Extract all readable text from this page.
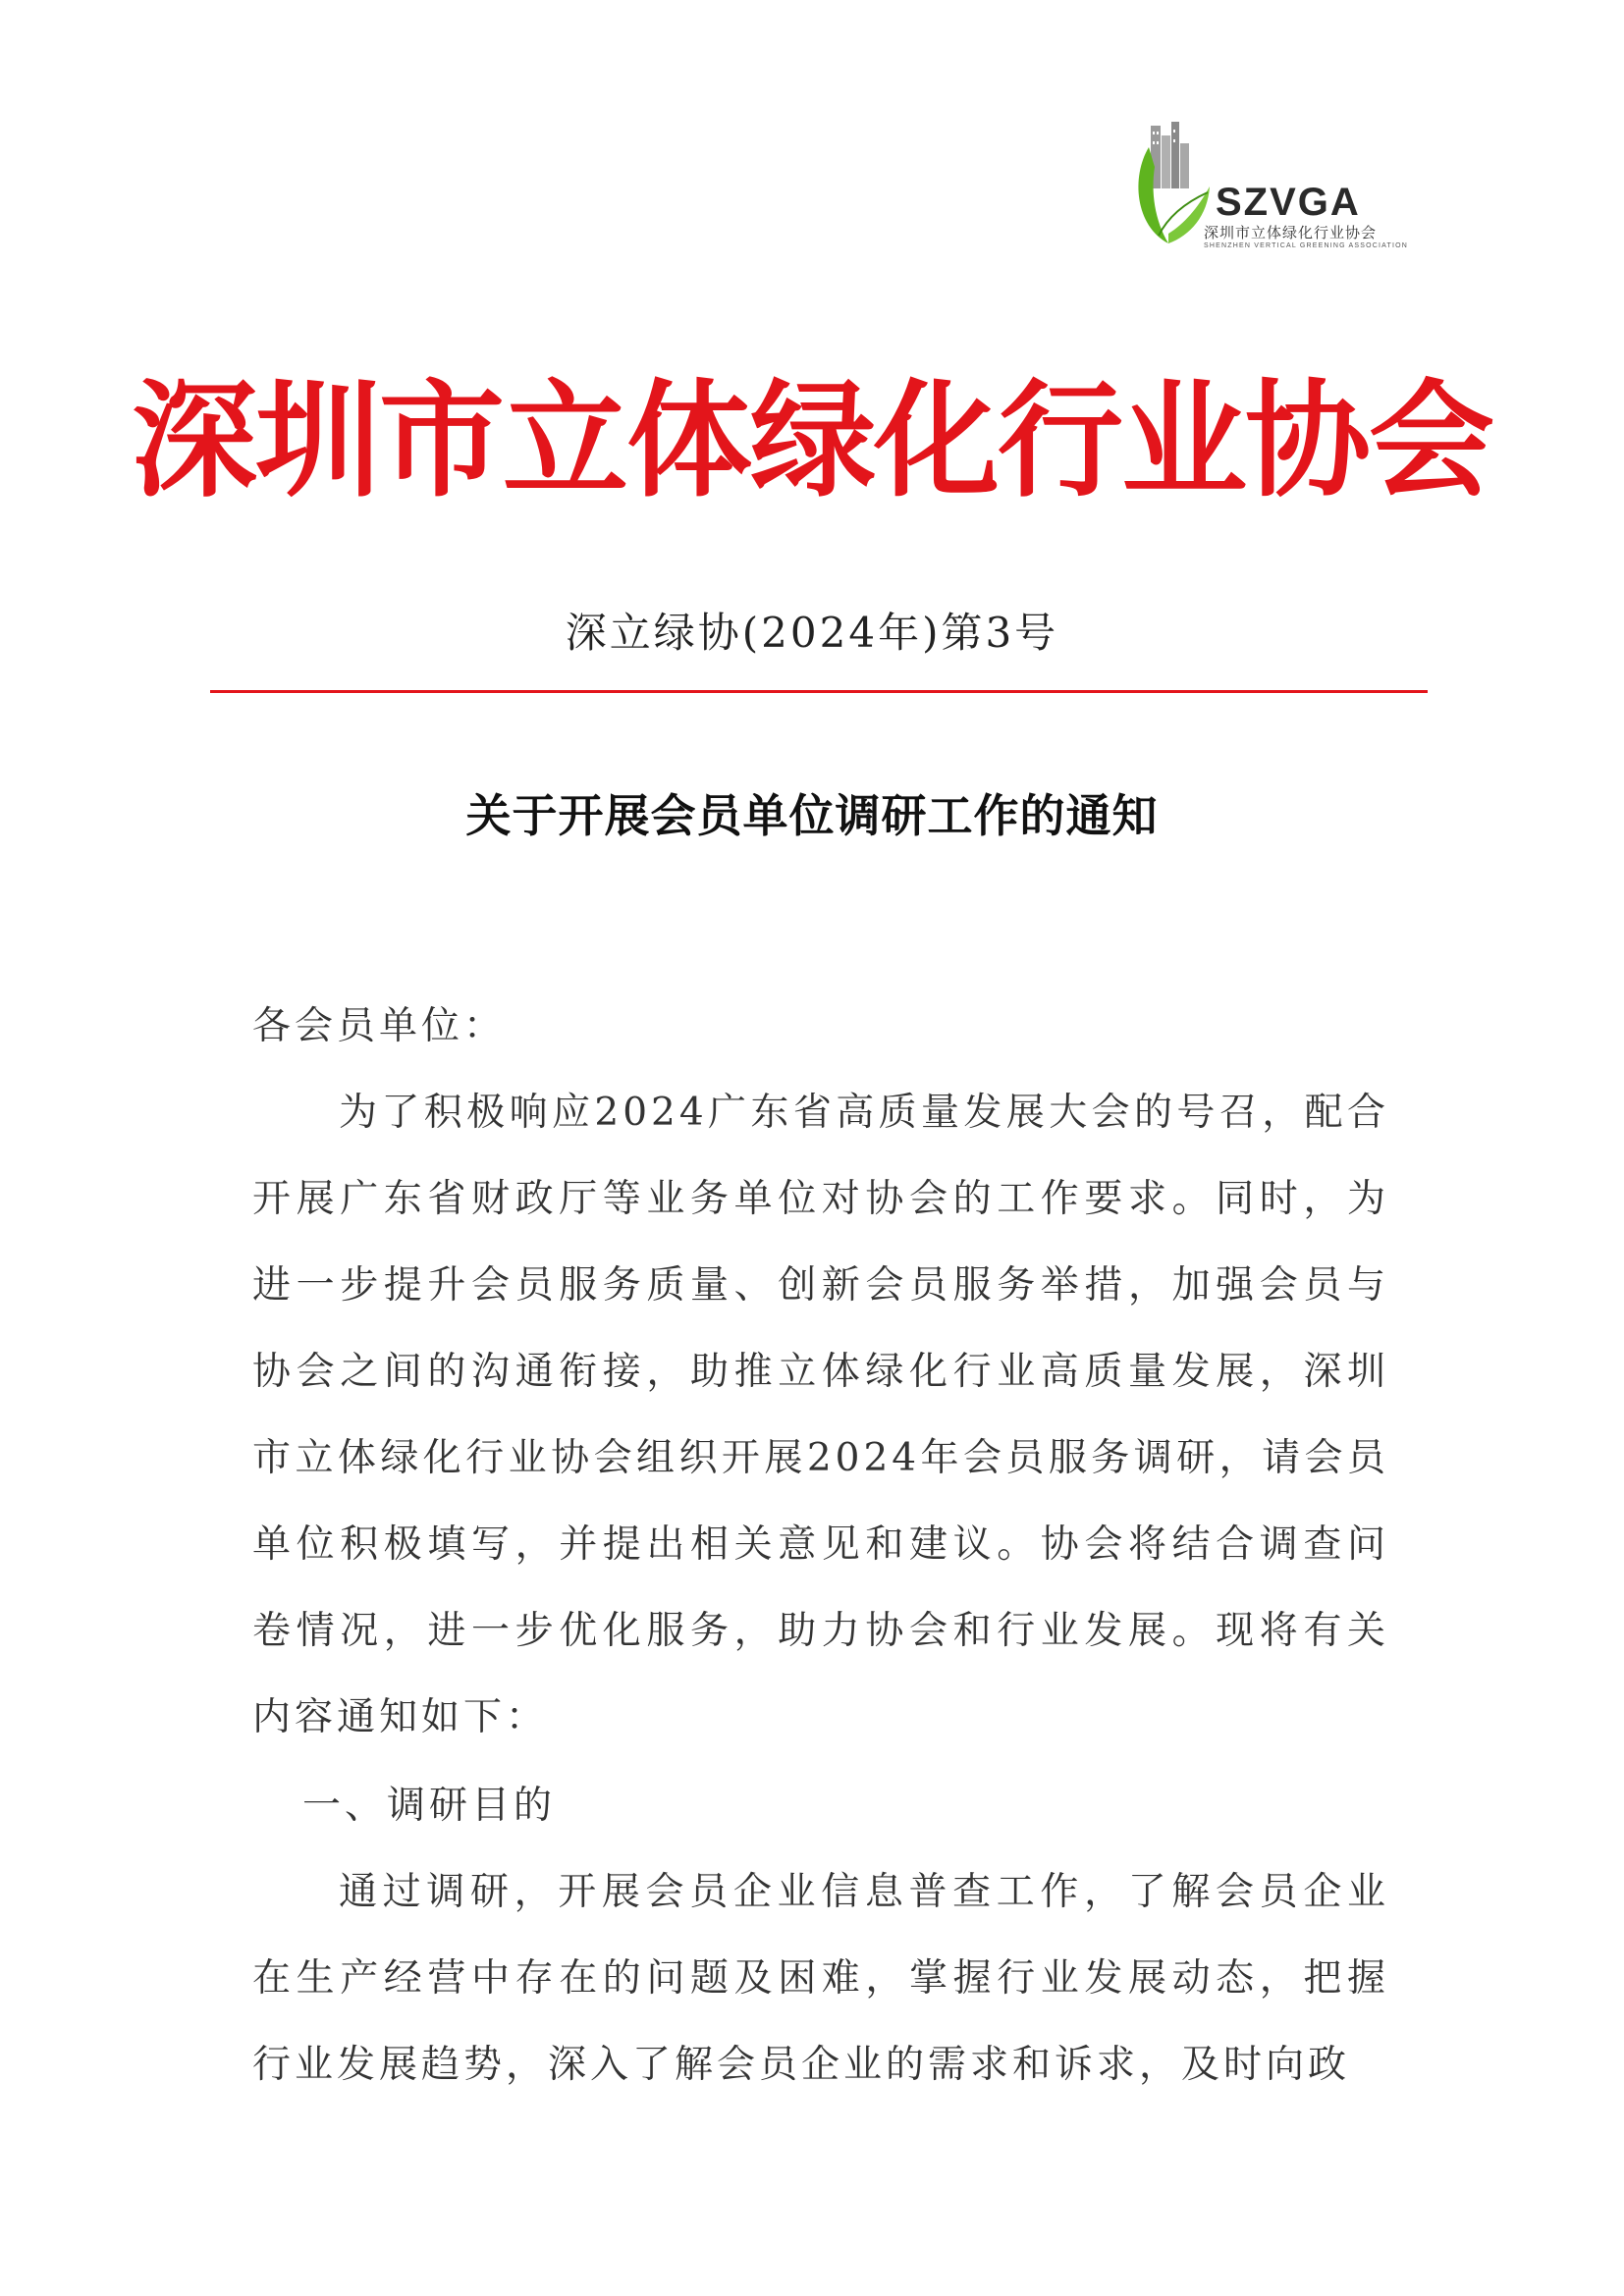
SZVGA
深圳市立体绿化行业协会
SHENZHEN VERTICAL GREENING ASSOCIATION
深圳市立体绿化行业协会
深立绿协(2024年)第3号
关于开展会员单位调研工作的通知
各会员单位：
为了积极响应2024广东省高质量发展大会的号召，配合开展广东省财政厅等业务单位对协会的工作要求。同时，为进一步提升会员服务质量、创新会员服务举措，加强会员与协会之间的沟通衔接，助推立体绿化行业高质量发展，深圳市立体绿化行业协会组织开展2024年会员服务调研，请会员单位积极填写，并提出相关意见和建议。协会将结合调查问卷情况，进一步优化服务，助力协会和行业发展。现将有关内容通知如下：
一、调研目的
通过调研，开展会员企业信息普查工作，了解会员企业在生产经营中存在的问题及困难，掌握行业发展动态，把握行业发展趋势，深入了解会员企业的需求和诉求，及时向政
